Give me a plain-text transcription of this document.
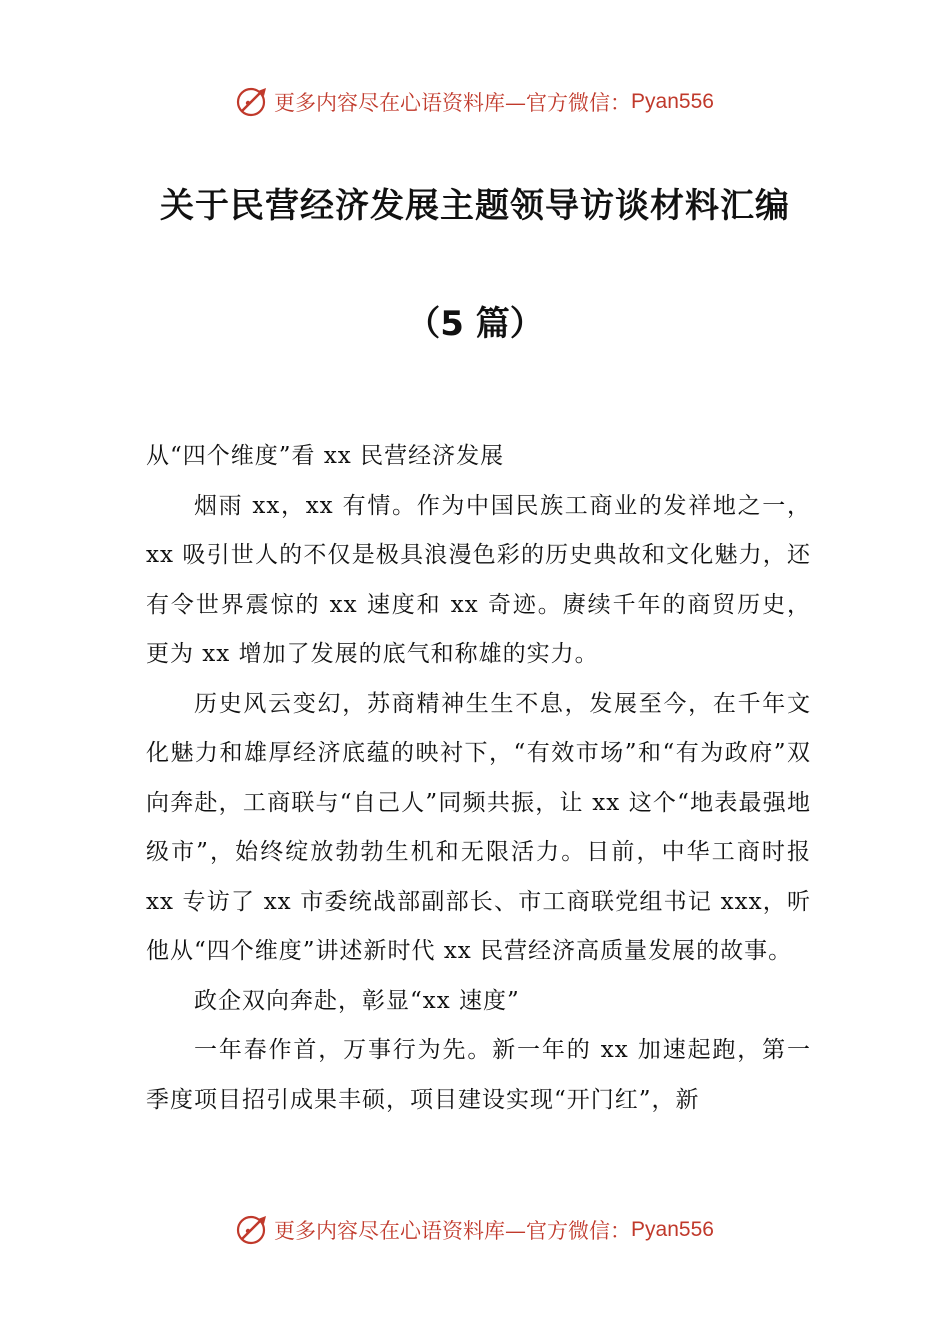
更多内容尽在心语资料库—官方微信： Pyan556
关于民营经济发展主题领导访谈材料汇编
（5 篇）

从“四个维度”看 xx 民营经济发展

烟雨 xx，xx 有情。作为中国民族工商业的发祥地之一，xx 吸引世人的不仅是极具浪漫色彩的历史典故和文化魅力，还有令世界震惊的 xx 速度和 xx 奇迹。赓续千年的商贸历史，更为 xx 增加了发展的底气和称雄的实力。

历史风云变幻，苏商精神生生不息，发展至今，在千年文化魅力和雄厚经济底蕴的映衬下，“有效市场”和“有为政府”双向奔赴，工商联与“自己人”同频共振，让 xx 这个“地表最强地级市”，始终绽放勃勃生机和无限活力。日前，中华工商时报 xx 专访了 xx 市委统战部副部长、市工商联党组书记 xxx，听他从“四个维度”讲述新时代 xx 民营经济高质量发展的故事。

政企双向奔赴，彰显“xx 速度”

一年春作首，万事行为先。新一年的 xx 加速起跑，第一季度项目招引成果丰硕，项目建设实现“开门红”，新

更多内容尽在心语资料库—官方微信： Pyan556
